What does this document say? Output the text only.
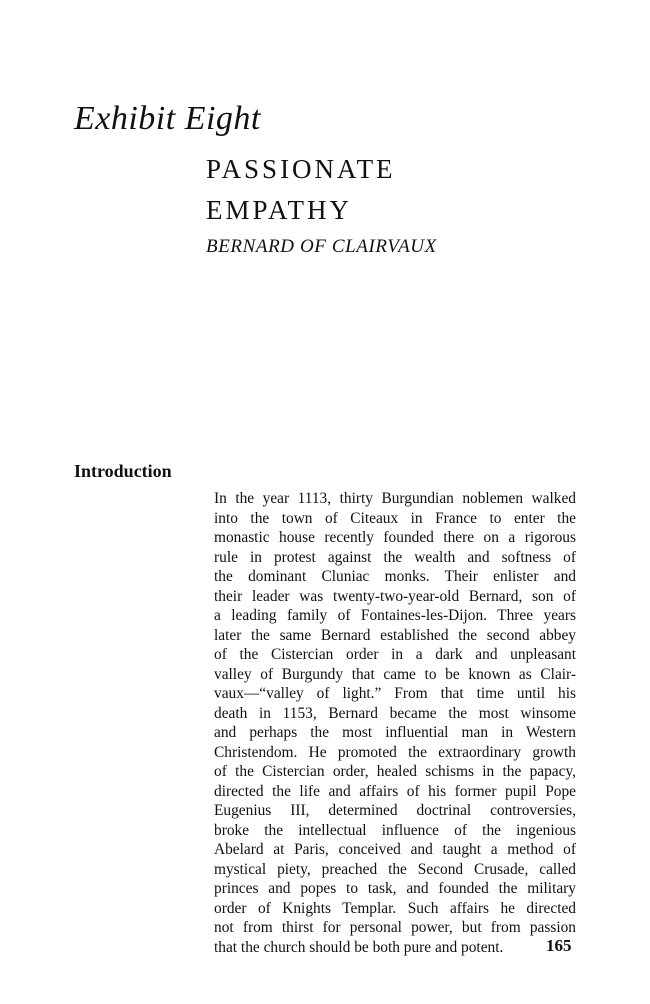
Exhibit Eight
PASSIONATE
EMPATHY
BERNARD OF CLAIRVAUX
Introduction
In the year 1113, thirty Burgundian noblemen walked
into the town of Citeaux in France to enter the
monastic house recently founded there on a rigorous
rule in protest against the wealth and softness of
the dominant Cluniac monks. Their enlister and
their leader was twenty-two-year-old Bernard, son of
a leading family of Fontaines-les-Dijon. Three years
later the same Bernard established the second abbey
of the Cistercian order in a dark and unpleasant
valley of Burgundy that came to be known as Clair-
vaux—“valley of light.” From that time until his
death in 1153, Bernard became the most winsome
and perhaps the most influential man in Western
Christendom. He promoted the extraordinary growth
of the Cistercian order, healed schisms in the papacy,
directed the life and affairs of his former pupil Pope
Eugenius III, determined doctrinal controversies,
broke the intellectual influence of the ingenious
Abelard at Paris, conceived and taught a method of
mystical piety, preached the Second Crusade, called
princes and popes to task, and founded the military
order of Knights Templar. Such affairs he directed
not from thirst for personal power, but from passion
that the church should be both pure and potent.	165
